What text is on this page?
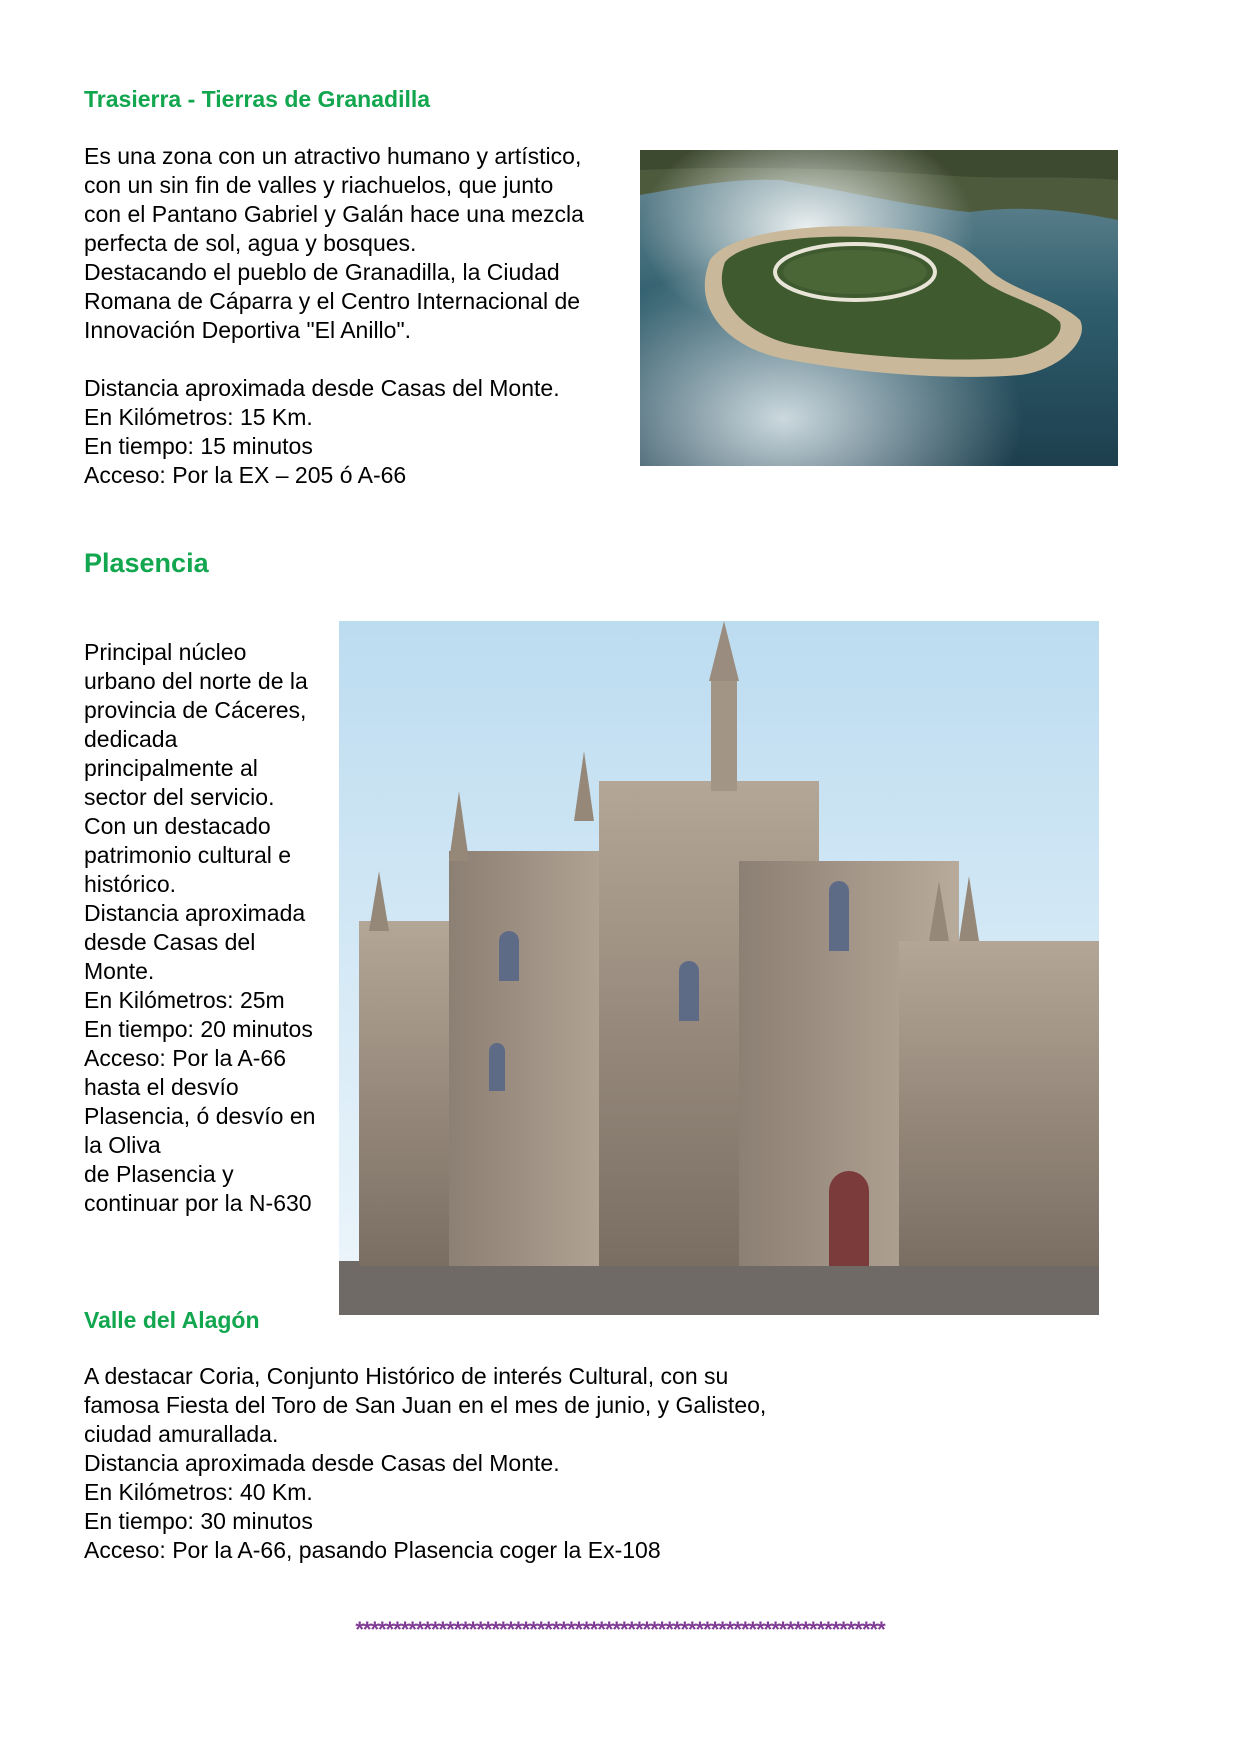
Trasierra - Tierras de Granadilla
Es una zona con un atractivo humano y artístico,
con un sin fin de valles y riachuelos, que junto
con el Pantano Gabriel y Galán hace una mezcla
perfecta de sol, agua y bosques.
Destacando el pueblo de Granadilla, la Ciudad
Romana de Cáparra y el Centro Internacional de
Innovación Deportiva "El Anillo".

Distancia aproximada desde Casas del Monte.
En Kilómetros: 15 Km.
En tiempo: 15 minutos
Acceso: Por la EX – 205 ó A-66
Plasencia
Principal núcleo
urbano del norte de la
provincia de Cáceres,
dedicada
principalmente al
sector del servicio.
Con un destacado
patrimonio cultural e
histórico.
Distancia aproximada
desde Casas del
Monte.
En Kilómetros: 25m
En tiempo: 20 minutos
Acceso: Por la A-66
hasta el desvío
Plasencia, ó desvío en
la Oliva
de Plasencia y
continuar por la N-630
Valle del Alagón
A destacar Coria, Conjunto Histórico de interés Cultural, con su
famosa Fiesta del Toro de San Juan en el mes de junio, y Galisteo,
ciudad amurallada.
Distancia aproximada desde Casas del Monte.
En Kilómetros: 40 Km.
En tiempo: 30 minutos
Acceso: Por la A-66, pasando Plasencia coger la Ex-108
**********************************************************************
